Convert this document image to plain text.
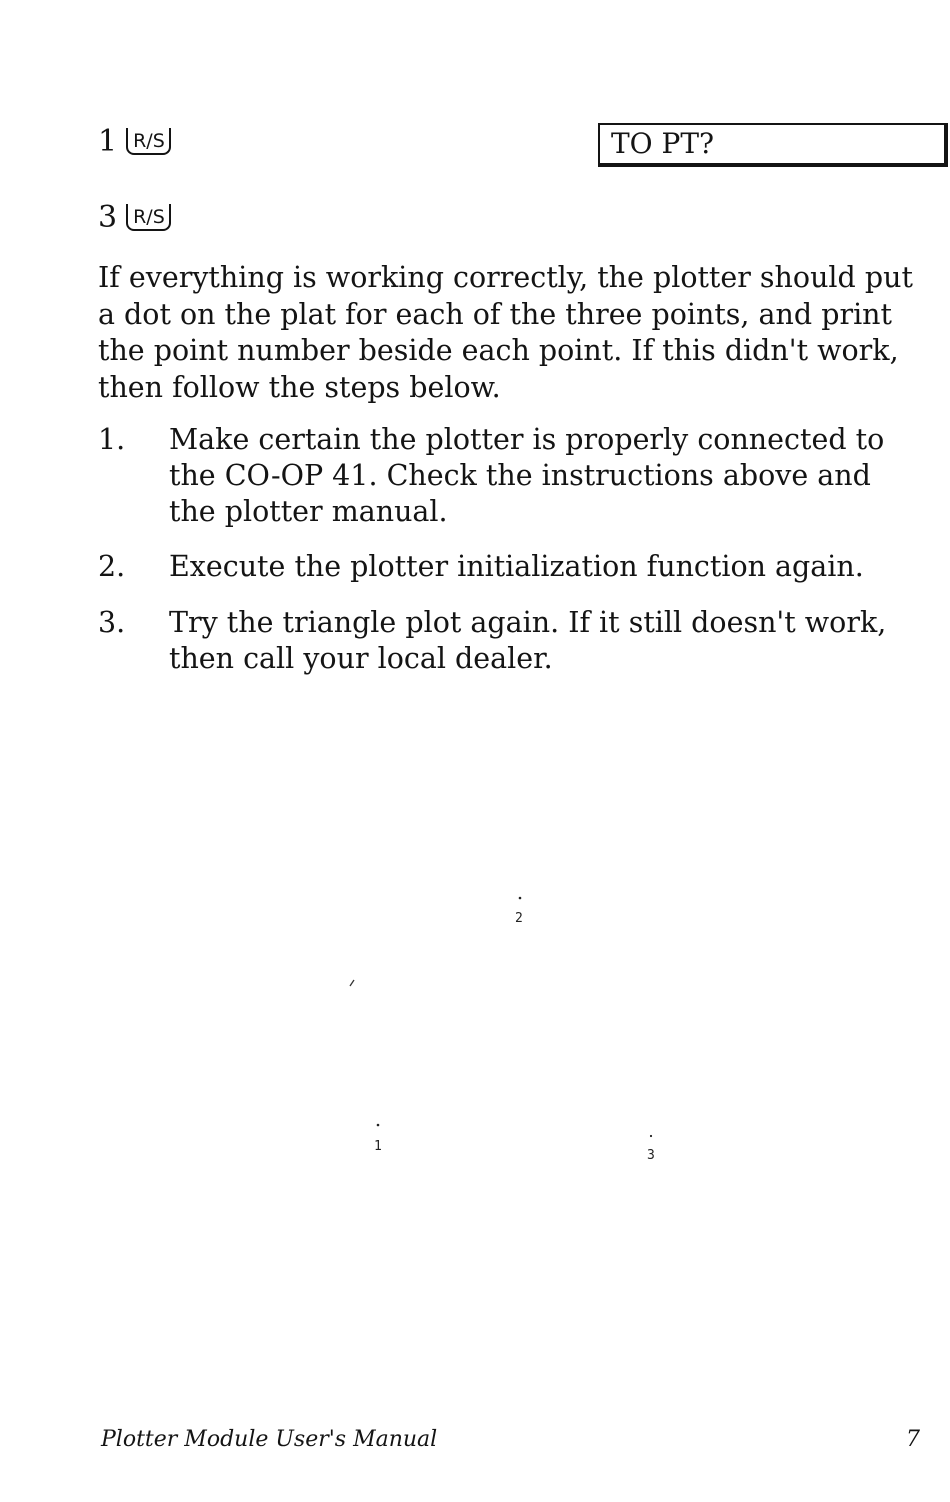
1 R/S	TO PT?
3 R/S

If everything is working correctly, the plotter should put a dot on the plat for each of the three points, and print the point number beside each point. If this didn't work, then follow the steps below.

1. Make certain the plotter is properly connected to the CO-OP 41. Check the instructions above and the plotter manual.
2. Execute the plotter initialization function again.
3. Try the triangle plot again. If it still doesn't work, then call your local dealer.
2
1
3
Plotter Module User's Manual	7
